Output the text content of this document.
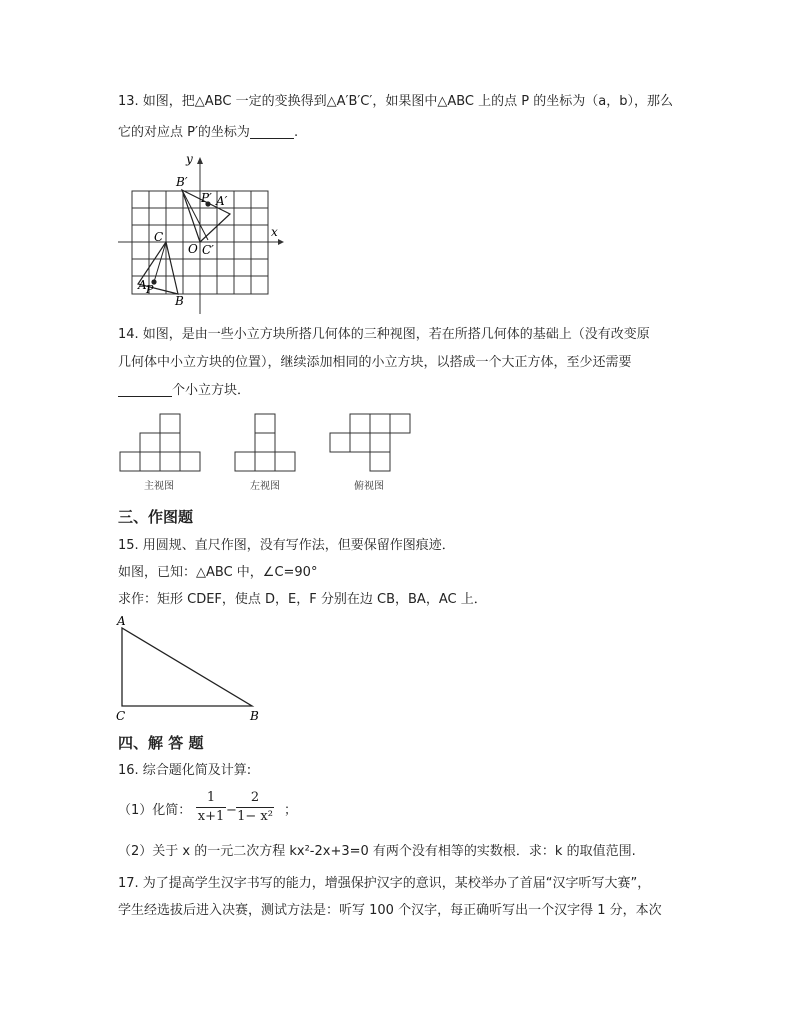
13. 如图，把△ABC 一定的变换得到△A′B′C′，如果图中△ABC 上的点 P 的坐标为（a，b），那么
它的对应点 P′的坐标为	.
y
x
B′
P′ A′
C
O C′
A P
B
14. 如图，是由一些小立方块所搭几何体的三种视图，若在所搭几何体的基础上（没有改变原
几何体中小立方块的位置），继续添加相同的小立方块，以搭成一个大正方体，至少还需要
个小立方块．
主视图	左视图	俯视图
三、作图题
15. 用圆规、直尺作图，没有写作法，但要保留作图痕迹．
如图，已知：△ABC 中，∠C=90°
求作：矩形 CDEF，使点 D，E，F 分别在边 CB，BA，AC 上．
A
C	B
四、解 答 题
16. 综合题化简及计算:
（1）化简：
1
x+1 −
2
1− x² ；
（2）关于 x 的一元二次方程 kx²-2x+3=0 有两个没有相等的实数根．求：k 的取值范围.
17. 为了提高学生汉字书写的能力，增强保护汉字的意识，某校举办了首届“汉字听写大赛”，
学生经选拔后进入决赛，测试方法是：听写 100 个汉字，每正确听写出一个汉字得 1 分，本次
